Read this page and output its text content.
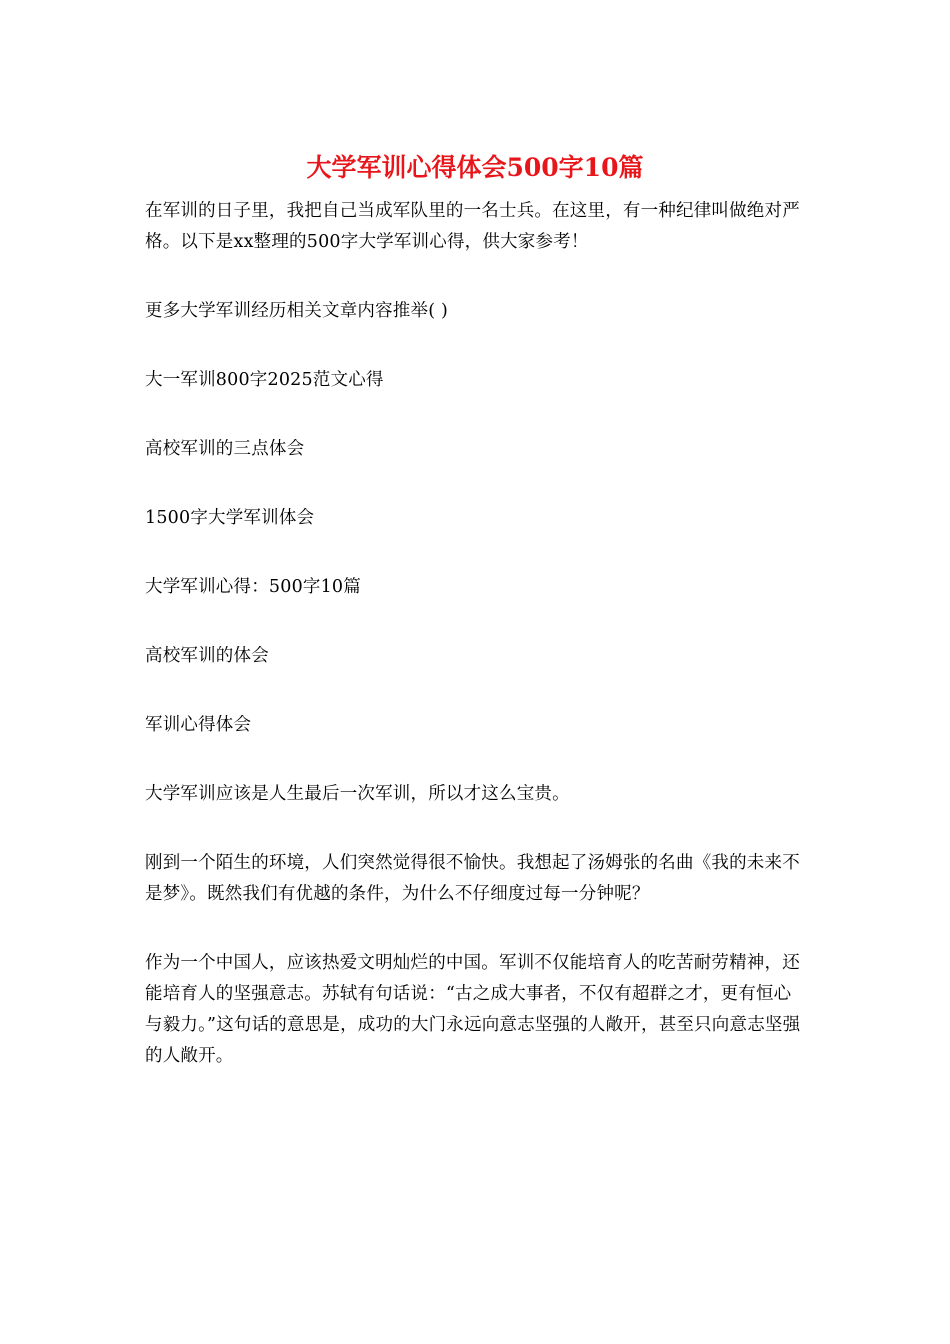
大学军训心得体会500字10篇

在军训的日子里，我把自己当成军队里的一名士兵。在这里，有一种纪律叫做绝对严格。以下是xx整理的500字大学军训心得，供大家参考！

更多大学军训经历相关文章内容推举( )

大一军训800字2025范文心得

高校军训的三点体会

1500字大学军训体会

大学军训心得：500字10篇

高校军训的体会

军训心得体会

大学军训应该是人生最后一次军训，所以才这么宝贵。

刚到一个陌生的环境，人们突然觉得很不愉快。我想起了汤姆张的名曲《我的未来不是梦》。既然我们有优越的条件，为什么不仔细度过每一分钟呢？

作为一个中国人，应该热爱文明灿烂的中国。军训不仅能培育人的吃苦耐劳精神，还能培育人的坚强意志。苏轼有句话说：“古之成大事者，不仅有超群之才，更有恒心与毅力。”这句话的意思是，成功的大门永远向意志坚强的人敞开，甚至只向意志坚强的人敞开。
